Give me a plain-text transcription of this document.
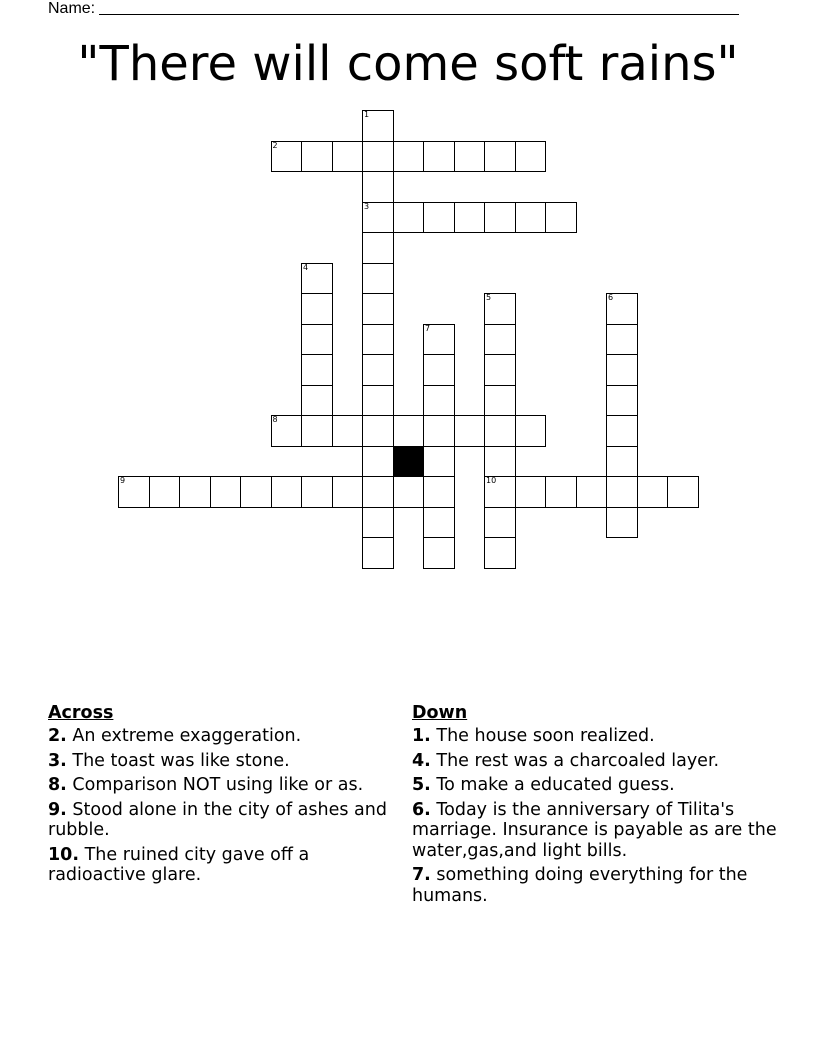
Name:
"There will come soft rains"
1
3
2
4
5
10
6
7
8
9
Across
2. An extreme exaggeration.
3. The toast was like stone.
8. Comparison NOT using like or as.
9. Stood alone in the city of ashes and rubble.
10. The ruined city gave off a radioactive glare.
Down
1. The house soon realized.
4. The rest was a charcoaled layer.
5. To make a educated guess.
6. Today is the anniversary of Tilita's marriage. Insurance is payable as are the water,gas,and light bills.
7. something doing everything for the humans.
